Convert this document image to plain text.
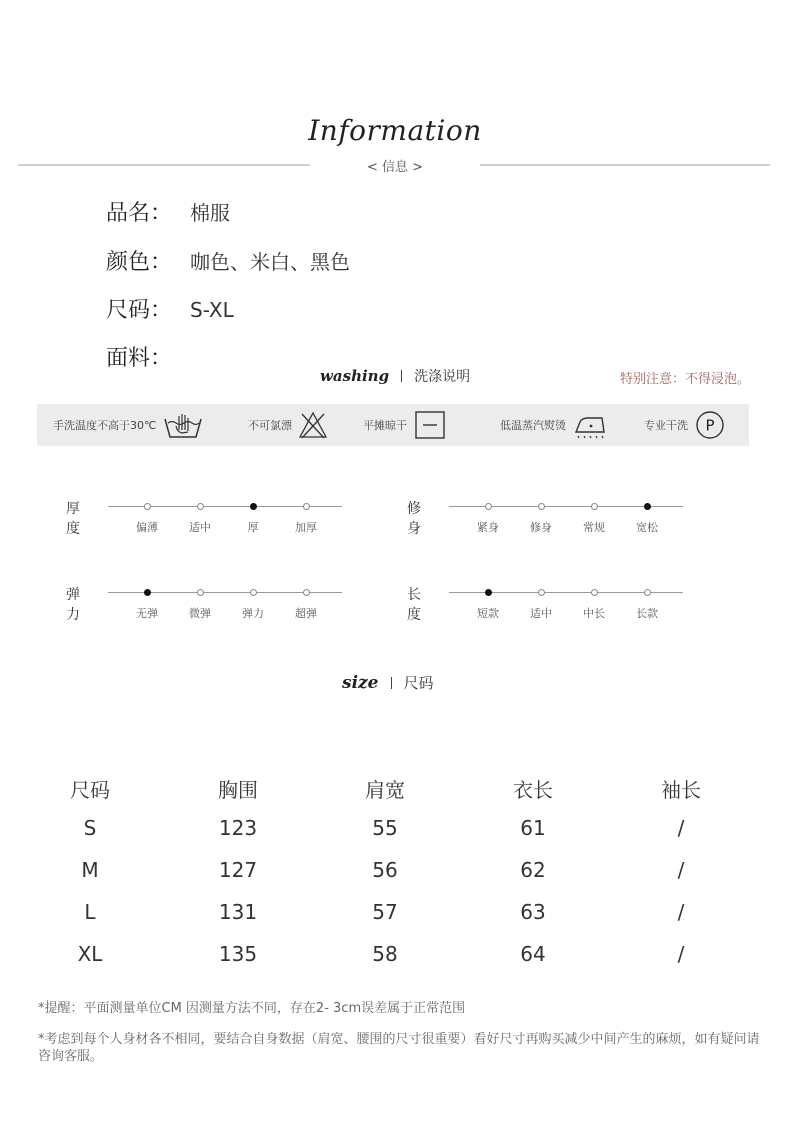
Information
< 信息 >
品名： 棉服
颜色： 咖色、米白、黑色
尺码： S-XL
面料：
washing 洗涤说明	特别注意：不得浸泡。
手洗温度不高于30℃	不可氯漂	平摊晾干	低温蒸汽熨烫	专业干洗 P
厚度	偏薄	适中	厚	加厚
修身	紧身	修身	常规	宽松
弹力	无弹	微弹	弹力	超弹
长度	短款	适中	中长	长款
size 尺码
尺码	胸围	肩宽	衣长	袖长
S	123	55	61	/
M	127	56	62	/
L	131	57	63	/
XL	135	58	64	/
*提醒：平面测量单位CM 因测量方法不同，存在2- 3cm误差属于正常范围
*考虑到每个人身材各不相同，要结合自身数据（肩宽、腰围的尺寸很重要）看好尺寸再购买减少中间产生的麻烦，如有疑问请咨询客服。
